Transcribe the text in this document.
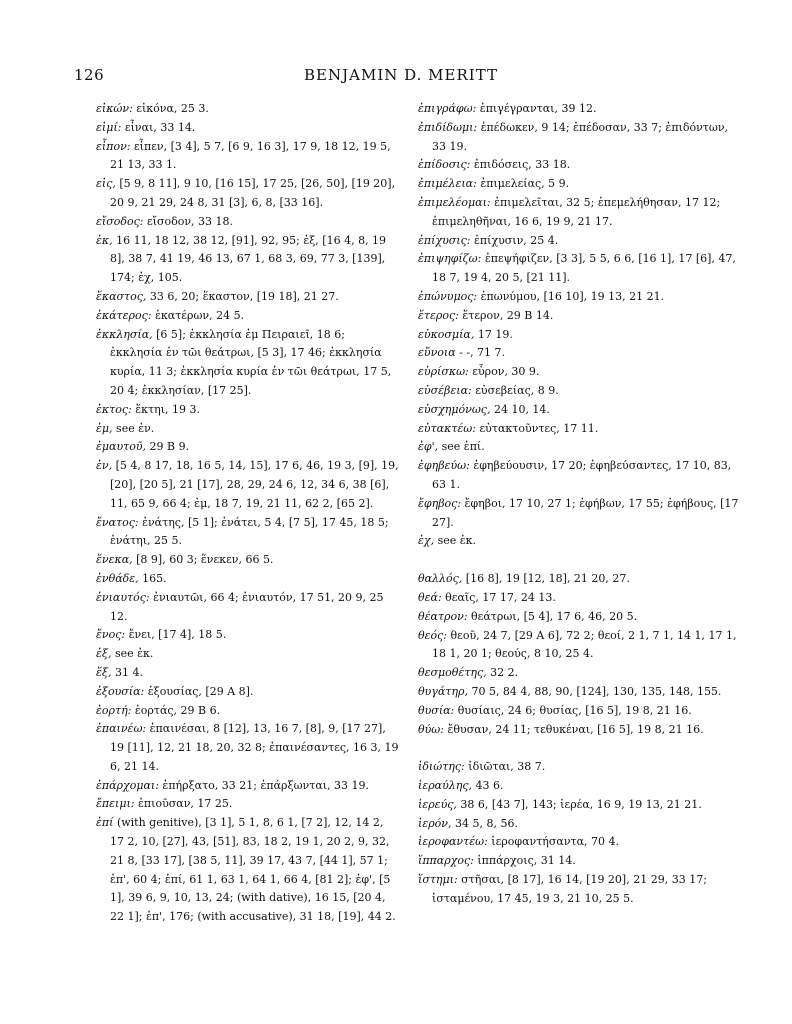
126	BENJAMIN D. MERITT
εἰκών: εἰκόνα, 25 3.
εἰμί: εἶναι, 33 14.
εἶπον: εἶπεν, [3 4], 5 7, [6 9, 16 3], 17 9, 18 12, 19 5, 21 13, 33 1.
εἰς, [5 9, 8 11], 9 10, [16 15], 17 25, [26, 50], [19 20], 20 9, 21 29, 24 8, 31 [3], 6, 8, [33 16].
εἴσοδος: εἴσοδον, 33 18.
ἐκ, 16 11, 18 12, 38 12, [91], 92, 95; ἐξ, [16 4, 8, 19 8], 38 7, 41 19, 46 13, 67 1, 68 3, 69, 77 3, [139], 174; ἐχ, 105.
ἕκαστος, 33 6, 20; ἕκαστον, [19 18], 21 27.
ἑκάτερος: ἑκατέρων, 24 5.
ἐκκλησία, [6 5]; ἐκκλησία ἐμ Πειραιεῖ, 18 6; ἐκκλησία ἐν τῶι θεάτρωι, [5 3], 17 46; ἐκκλησία κυρία, 11 3; ἐκκλησία κυρία ἐν τῶι θεάτρωι, 17 5, 20 4; ἐκκλησίαν, [17 25].
ἐκτος: ἕκτηι, 19 3.
ἐμ, see ἐν.
ἐμαυτοῦ, 29 B 9.
ἐν, [5 4, 8 17, 18, 16 5, 14, 15], 17 6, 46, 19 3, [9], 19, [20], [20 5], 21 [17], 28, 29, 24 6, 12, 34 6, 38 [6], 11, 65 9, 66 4; ἐμ, 18 7, 19, 21 11, 62 2, [65 2].
ἔνατος: ἐνάτης, [5 1]; ἐνάτει, 5 4, [7 5], 17 45, 18 5; ἐνάτηι, 25 5.
ἕνεκα, [8 9], 60 3; ἕνεκεν, 66 5.
ἐνθάδε, 165.
ἐνιαυτός: ἐνιαυτῶι, 66 4; ἐνιαυτόν, 17 51, 20 9, 25 12.
ἔνος: ἔνει, [17 4], 18 5.
ἐξ, see ἐκ.
ἕξ, 31 4.
ἐξουσία: ἐξουσίας, [29 A 8].
ἑορτή: ἑορτάς, 29 B 6.
ἐπαινέω: ἐπαινέσαι, 8 [12], 13, 16 7, [8], 9, [17 27], 19 [11], 12, 21 18, 20, 32 8; ἐπαινέσαντες, 16 3, 19 6, 21 14.
ἐπάρχομαι: ἐπήρξατο, 33 21; ἐπάρξωνται, 33 19.
ἔπειμι: ἐπιοῦσαν, 17 25.
ἐπί (with genitive), [3 1], 5 1, 8, 6 1, [7 2], 12, 14 2, 17 2, 10, [27], 43, [51], 83, 18 2, 19 1, 20 2, 9, 32, 21 8, [33 17], [38 5, 11], 39 17, 43 7, [44 1], 57 1; ἐπ', 60 4; ἐπί, 61 1, 63 1, 64 1, 66 4, [81 2]; ἐφ', [5 1], 39 6, 9, 10, 13, 24; (with dative), 16 15, [20 4, 22 1]; ἐπ', 176; (with accusative), 31 18, [19], 44 2.
ἐπιγράφω: ἐπιγέγρανται, 39 12.
ἐπιδίδωμι: ἐπέδωκεν, 9 14; ἐπέδοσαν, 33 7; ἐπιδόντων, 33 19.
ἐπίδοσις: ἐπιδόσεις, 33 18.
ἐπιμέλεια: ἐπιμελείας, 5 9.
ἐπιμελέομαι: ἐπιμελεῖται, 32 5; ἐπεμελήθησαν, 17 12; ἐπιμεληθῆναι, 16 6, 19 9, 21 17.
ἐπίχυσις: ἐπίχυσιν, 25 4.
ἐπιψηφίζω: ἐπεψήφιζεν, [3 3], 5 5, 6 6, [16 1], 17 [6], 47, 18 7, 19 4, 20 5, [21 11].
ἐπώνυμος: ἐπωνύμου, [16 10], 19 13, 21 21.
ἕτερος: ἕτερον, 29 B 14.
εὐκοσμία, 17 19.
εὔνοια - -, 71 7.
εὑρίσκω: εὗρον, 30 9.
εὐσέβεια: εὐσεβείας, 8 9.
εὐσχημόνως, 24 10, 14.
εὐτακτέω: εὐτακτοῦντες, 17 11.
ἐφ', see ἐπί.
ἐφηβεύω: ἐφηβεύουσιν, 17 20; ἐφηβεύσαντες, 17 10, 83, 63 1.
ἔφηβος: ἔφηβοι, 17 10, 27 1; ἐφήβων, 17 55; ἐφήβους, [17 27].
ἐχ, see ἐκ.
θαλλός, [16 8], 19 [12, 18], 21 20, 27.
θεά: θεαῖς, 17 17, 24 13.
θέατρον: θεάτρωι, [5 4], 17 6, 46, 20 5.
θεός: θεοῦ, 24 7, [29 A 6], 72 2; θεοί, 2 1, 7 1, 14 1, 17 1, 18 1, 20 1; θεούς, 8 10, 25 4.
θεσμοθέτης, 32 2.
θυγάτηρ, 70 5, 84 4, 88, 90, [124], 130, 135, 148, 155.
θυσία: θυσίαις, 24 6; θυσίας, [16 5], 19 8, 21 16.
θύω: ἔθυσαν, 24 11; τεθυκέναι, [16 5], 19 8, 21 16.
ἰδιώτης: ἰδιῶται, 38 7.
ἱεραύλης, 43 6.
ἱερεύς, 38 6, [43 7], 143; ἱερέα, 16 9, 19 13, 21 21.
ἱερόν, 34 5, 8, 56.
ἱεροφαντέω: ἱεροφαντήσαντα, 70 4.
ἵππαρχος: ἱππάρχοις, 31 14.
ἵστημι: στῆσαι, [8 17], 16 14, [19 20], 21 29, 33 17; ἱσταμένου, 17 45, 19 3, 21 10, 25 5.
